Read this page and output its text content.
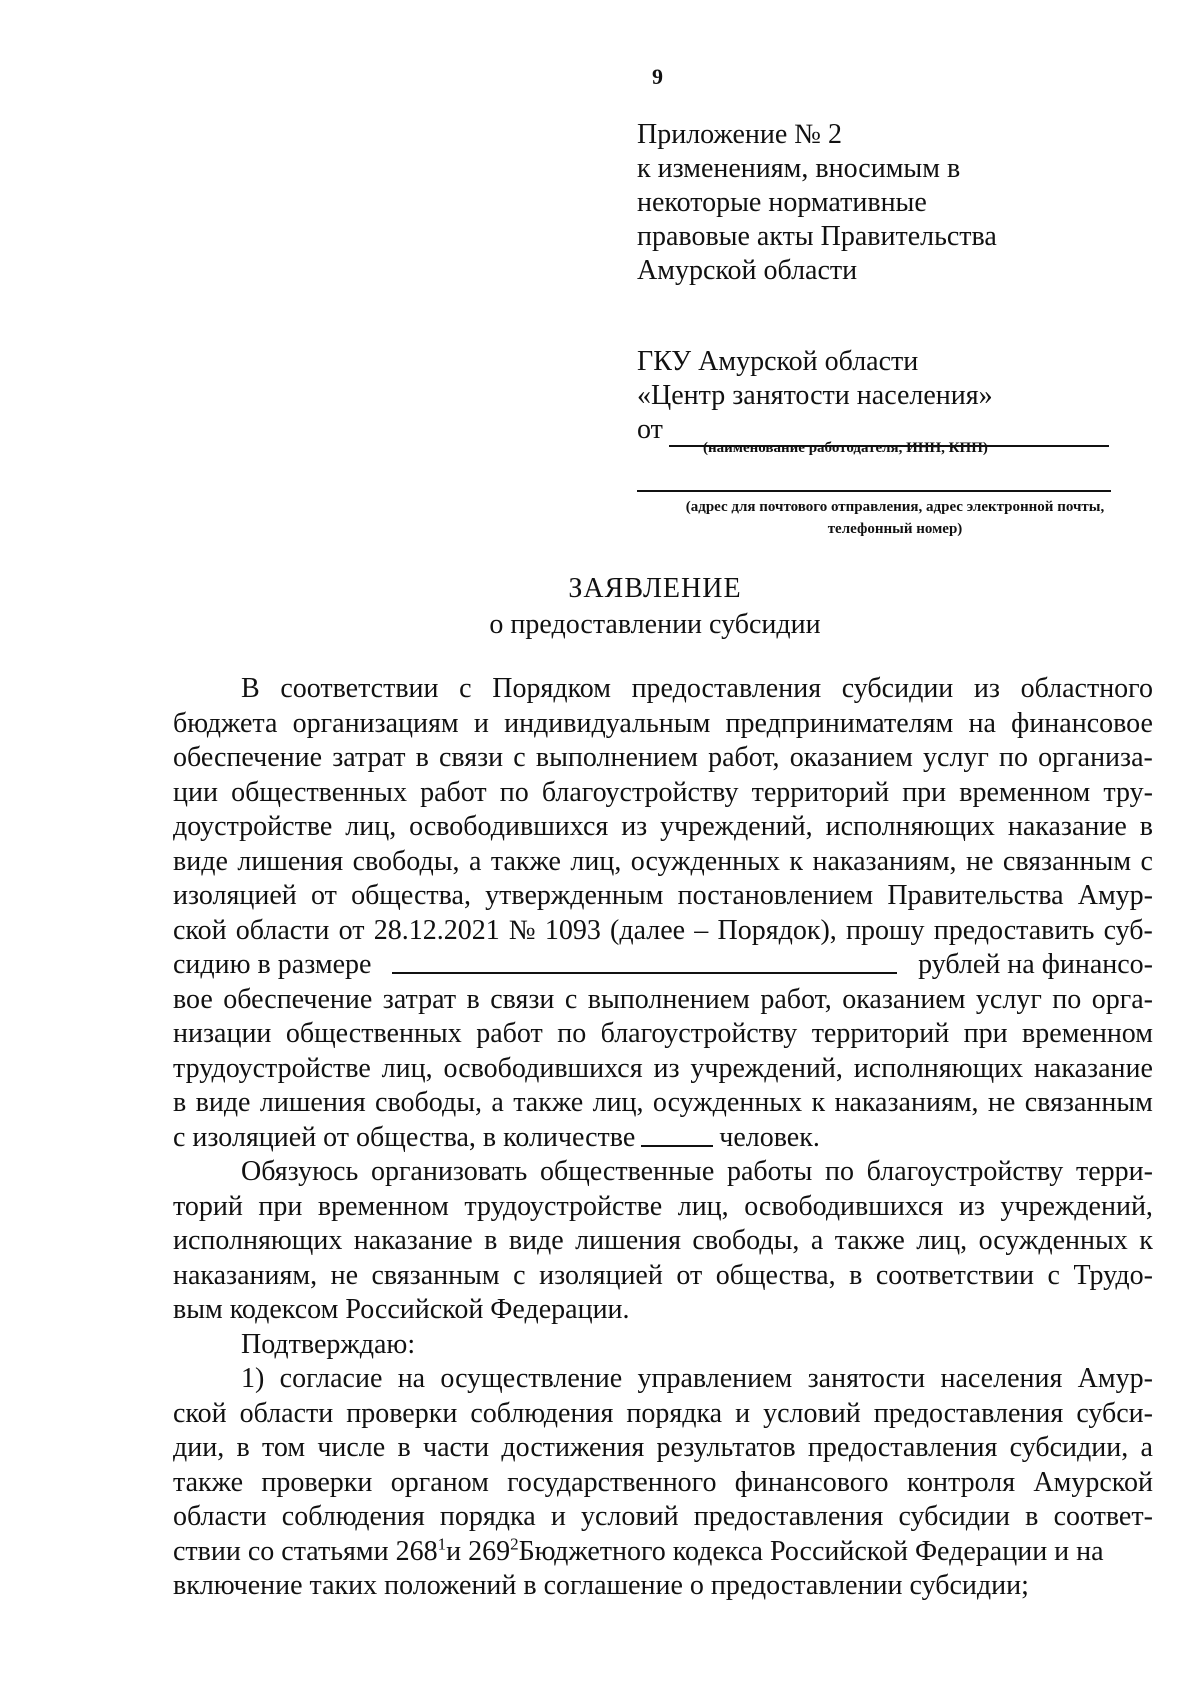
9
Приложение № 2
к изменениям, вносимым в
некоторые нормативные
правовые акты Правительства
Амурской области
ГКУ Амурской области
«Центр занятости населения»
от
(наименование работодателя, ИНН, КПП)
(адрес для почтового отправления, адрес электронной почты,
телефонный номер)
ЗАЯВЛЕНИЕ
о предоставлении субсидии
В соответствии с Порядком предоставления субсидии из областного
бюджета организациям и индивидуальным предпринимателям на финансовое
обеспечение затрат в связи с выполнением работ, оказанием услуг по организа-
ции общественных работ по благоустройству территорий при временном тру-
доустройстве лиц, освободившихся из учреждений, исполняющих наказание в
виде лишения свободы, а также лиц, осужденных к наказаниям, не связанным с
изоляцией от общества, утвержденным постановлением Правительства Амур-
ской области от 28.12.2021 № 1093 (далее – Порядок), прошу предоставить суб-
сидию в размере	рублей на финансо-
вое обеспечение затрат в связи с выполнением работ, оказанием услуг по орга-
низации общественных работ по благоустройству территорий при временном
трудоустройстве лиц, освободившихся из учреждений, исполняющих наказание
в виде лишения свободы, а также лиц, осужденных к наказаниям, не связанным
с изоляцией от общества, в количестве	человек.
Обязуюсь организовать общественные работы по благоустройству терри-
торий при временном трудоустройстве лиц, освободившихся из учреждений,
исполняющих наказание в виде лишения свободы, а также лиц, осужденных к
наказаниям, не связанным с изоляцией от общества, в соответствии с Трудо-
вым кодексом Российской Федерации.
Подтверждаю:
1) согласие на осуществление управлением занятости населения Амур-
ской области проверки соблюдения порядка и условий предоставления субси-
дии, в том числе в части достижения результатов предоставления субсидии, а
также проверки органом государственного финансового контроля Амурской
области соблюдения порядка и условий предоставления субсидии в соответ-
ствии со статьями $268^1и$ $269^2Бюджетного$ кодекса Российской Федерации и на
включение таких положений в соглашение о предоставлении субсидии;
